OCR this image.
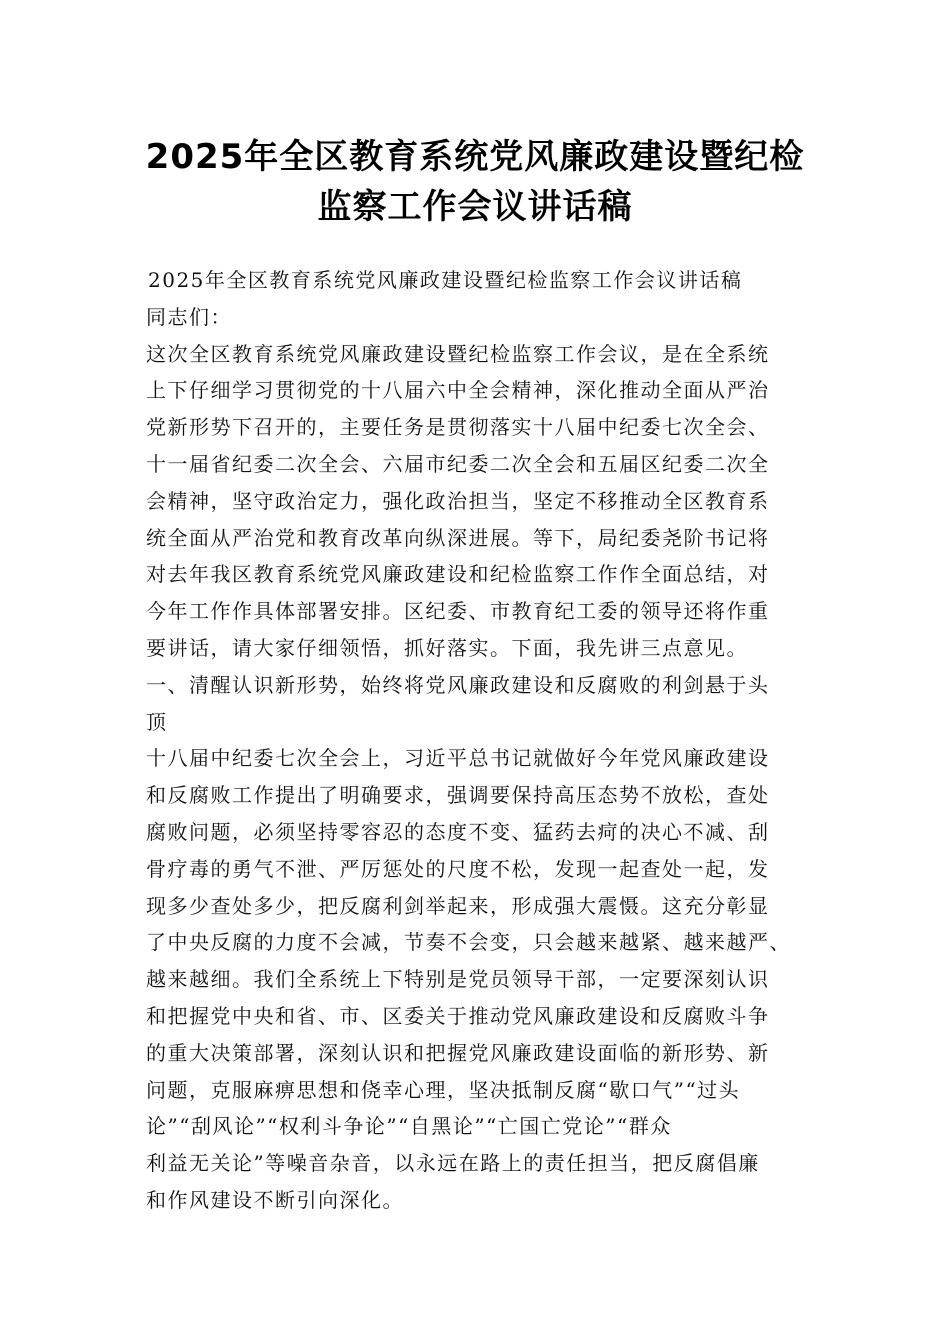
2025年全区教育系统党风廉政建设暨纪检
监察工作会议讲话稿
2025年全区教育系统党风廉政建设暨纪检监察工作会议讲话稿
同志们：
这次全区教育系统党风廉政建设暨纪检监察工作会议，是在全系统
上下仔细学习贯彻党的十八届六中全会精神，深化推动全面从严治
党新形势下召开的，主要任务是贯彻落实十八届中纪委七次全会、
十一届省纪委二次全会、六届市纪委二次全会和五届区纪委二次全
会精神，坚守政治定力，强化政治担当，坚定不移推动全区教育系
统全面从严治党和教育改革向纵深进展。等下，局纪委尧阶书记将
对去年我区教育系统党风廉政建设和纪检监察工作作全面总结，对
今年工作作具体部署安排。区纪委、市教育纪工委的领导还将作重
要讲话，请大家仔细领悟，抓好落实。下面，我先讲三点意见。
一、清醒认识新形势，始终将党风廉政建设和反腐败的利剑悬于头
顶
十八届中纪委七次全会上，习近平总书记就做好今年党风廉政建设
和反腐败工作提出了明确要求，强调要保持高压态势不放松，查处
腐败问题，必须坚持零容忍的态度不变、猛药去疴的决心不减、刮
骨疗毒的勇气不泄、严厉惩处的尺度不松，发现一起查处一起，发
现多少查处多少，把反腐利剑举起来，形成强大震慑。这充分彰显
了中央反腐的力度不会减，节奏不会变，只会越来越紧、越来越严、
越来越细。我们全系统上下特别是党员领导干部，一定要深刻认识
和把握党中央和省、市、区委关于推动党风廉政建设和反腐败斗争
的重大决策部署，深刻认识和把握党风廉政建设面临的新形势、新
问题，克服麻痹思想和侥幸心理，坚决抵制反腐“歇口气”“过头
论”“刮风论”“权利斗争论”“自黑论”“亡国亡党论”“群众
利益无关论”等噪音杂音，以永远在路上的责任担当，把反腐倡廉
和作风建设不断引向深化。
